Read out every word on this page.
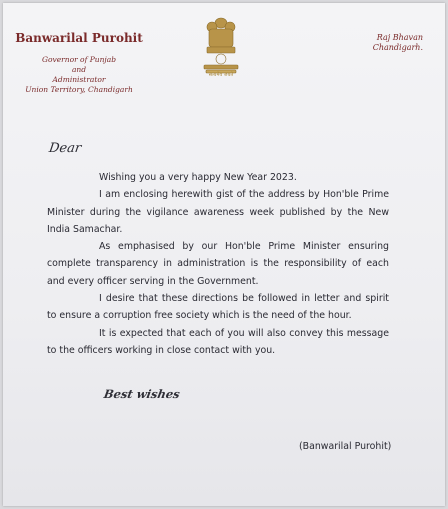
Banwarilal Purohit
Governor of Punjab
and
Administrator
Union Territory, Chandigarh
सत्यमेव जयते
Raj Bhavan
Chandigarh.
Dear

Wishing you a very happy New Year 2023.

I am enclosing herewith gist of the address by Hon'ble Prime Minister during the vigilance awareness week published by the New India Samachar.

As emphasised by our Hon'ble Prime Minister ensuring complete transparency in administration is the responsibility of each and every officer serving in the Government.

I desire that these directions be followed in letter and spirit to ensure a corruption free society which is the need of the hour.

It is expected that each of you will also convey this message to the officers working in close contact with you.

Best wishes
(Banwarilal Purohit)
